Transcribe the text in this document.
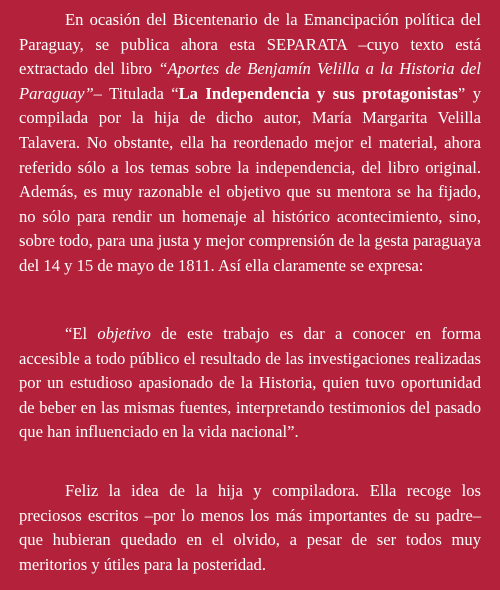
En ocasión del Bicentenario de la Emancipación política del Paraguay, se publica ahora esta SEPARATA –cuyo texto está extractado del libro “Aportes de Benjamín Velilla a la Historia del Paraguay”– Titulada “La Independencia y sus protagonistas” y compilada por la hija de dicho autor, María Margarita Velilla Talavera. No obstante, ella ha reordenado mejor el material, ahora referido sólo a los temas sobre la independencia, del libro original. Además, es muy razonable el objetivo que su mentora se ha fijado, no sólo para rendir un homenaje al histórico acontecimiento, sino, sobre todo, para una justa y mejor comprensión de la gesta paraguaya del 14 y 15 de mayo de 1811. Así ella claramente se expresa:

“El objetivo de este trabajo es dar a conocer en forma accesible a todo público el resultado de las investigaciones realizadas por un estudioso apasionado de la Historia, quien tuvo oportunidad de beber en las mismas fuentes, interpretando testimonios del pasado que han influenciado en la vida nacional”.

Feliz la idea de la hija y compiladora. Ella recoge los preciosos escritos –por lo menos los más importantes de su padre– que hubieran quedado en el olvido, a pesar de ser todos muy meritorios y útiles para la posteridad.
